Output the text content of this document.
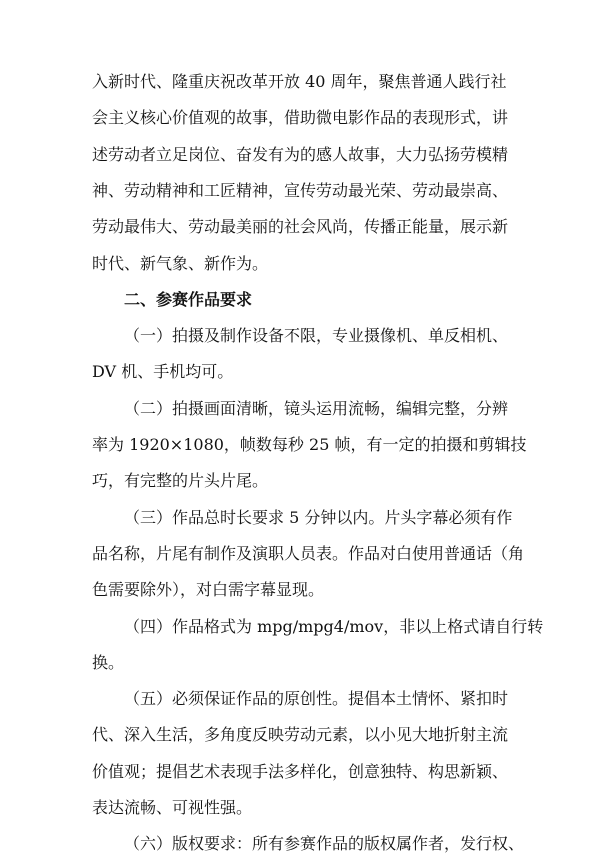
入新时代、隆重庆祝改革开放 40 周年，聚焦普通人践行社

会主义核心价值观的故事，借助微电影作品的表现形式，讲

述劳动者立足岗位、奋发有为的感人故事，大力弘扬劳模精

神、劳动精神和工匠精神，宣传劳动最光荣、劳动最崇高、

劳动最伟大、劳动最美丽的社会风尚，传播正能量，展示新

时代、新气象、新作为。

二、参赛作品要求

（一）拍摄及制作设备不限，专业摄像机、单反相机、

DV 机、手机均可。

（二）拍摄画面清晰，镜头运用流畅，编辑完整，分辨

率为 1920×1080，帧数每秒 25 帧，有一定的拍摄和剪辑技

巧，有完整的片头片尾。

（三）作品总时长要求 5 分钟以内。片头字幕必须有作

品名称，片尾有制作及演职人员表。作品对白使用普通话（角

色需要除外），对白需字幕显现。

（四）作品格式为 mpg/mpg4/mov，非以上格式请自行转

换。

（五）必须保证作品的原创性。提倡本土情怀、紧扣时

代、深入生活，多角度反映劳动元素，以小见大地折射主流

价值观；提倡艺术表现手法多样化，创意独特、构思新颖、

表达流畅、可视性强。

（六）版权要求：所有参赛作品的版权属作者，发行权、
